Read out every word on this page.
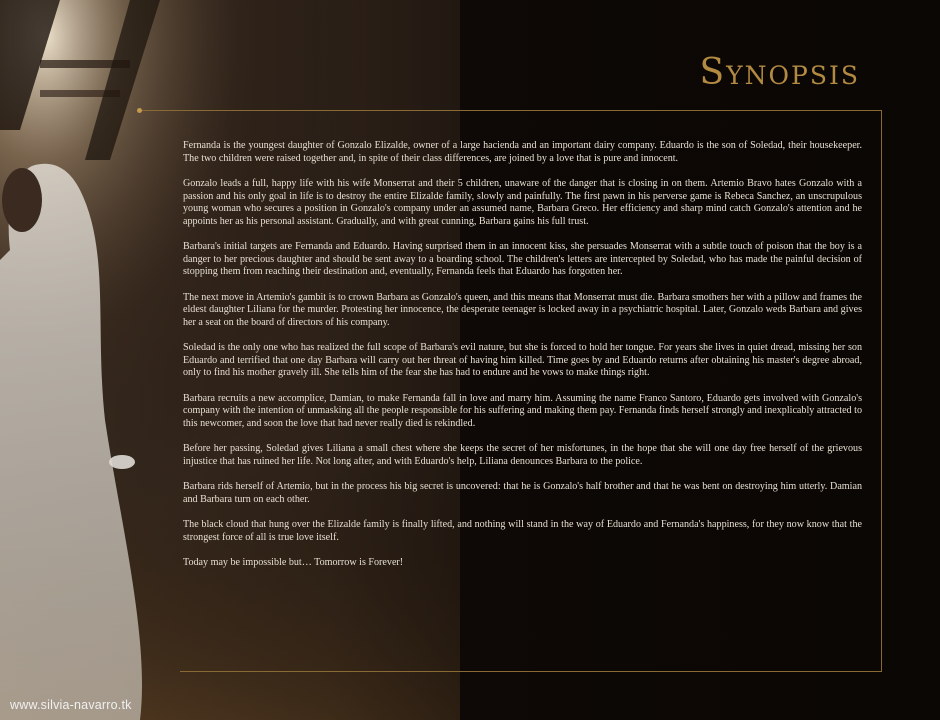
Synopsis

Fernanda is the youngest daughter of Gonzalo Elizalde, owner of a large hacienda and an important dairy company. Eduardo is the son of Soledad, their housekeeper. The two children were raised together and, in spite of their class differences, are joined by a love that is pure and innocent.

Gonzalo leads a full, happy life with his wife Monserrat and their 5 children, unaware of the danger that is closing in on them. Artemio Bravo hates Gonzalo with a passion and his only goal in life is to destroy the entire Elizalde family, slowly and painfully. The first pawn in his perverse game is Rebeca Sanchez, an unscrupulous young woman who secures a position in Gonzalo's company under an assumed name, Barbara Greco. Her efficiency and sharp mind catch Gonzalo's attention and he appoints her as his personal assistant. Gradually, and with great cunning, Barbara gains his full trust.

Barbara's initial targets are Fernanda and Eduardo. Having surprised them in an innocent kiss, she persuades Monserrat with a subtle touch of poison that the boy is a danger to her precious daughter and should be sent away to a boarding school. The children's letters are intercepted by Soledad, who has made the painful decision of stopping them from reaching their destination and, eventually, Fernanda feels that Eduardo has forgotten her.

The next move in Artemio's gambit is to crown Barbara as Gonzalo's queen, and this means that Monserrat must die. Barbara smothers her with a pillow and frames the eldest daughter Liliana for the murder. Protesting her innocence, the desperate teenager is locked away in a psychiatric hospital. Later, Gonzalo weds Barbara and gives her a seat on the board of directors of his company.

Soledad is the only one who has realized the full scope of Barbara's evil nature, but she is forced to hold her tongue. For years she lives in quiet dread, missing her son Eduardo and terrified that one day Barbara will carry out her threat of having him killed. Time goes by and Eduardo returns after obtaining his master's degree abroad, only to find his mother gravely ill. She tells him of the fear she has had to endure and he vows to make things right.

Barbara recruits a new accomplice, Damian, to make Fernanda fall in love and marry him. Assuming the name Franco Santoro, Eduardo gets involved with Gonzalo's company with the intention of unmasking all the people responsible for his suffering and making them pay. Fernanda finds herself strongly and inexplicably attracted to this newcomer, and soon the love that had never really died is rekindled.

Before her passing, Soledad gives Liliana a small chest where she keeps the secret of her misfortunes, in the hope that she will one day free herself of the grievous injustice that has ruined her life. Not long after, and with Eduardo's help, Liliana denounces Barbara to the police.

Barbara rids herself of Artemio, but in the process his big secret is uncovered: that he is Gonzalo's half brother and that he was bent on destroying him utterly. Damian and Barbara turn on each other.

The black cloud that hung over the Elizalde family is finally lifted, and nothing will stand in the way of Eduardo and Fernanda's happiness, for they now know that the strongest force of all is true love itself.

Today may be impossible but… Tomorrow is Forever!

www.silvia-navarro.tk
